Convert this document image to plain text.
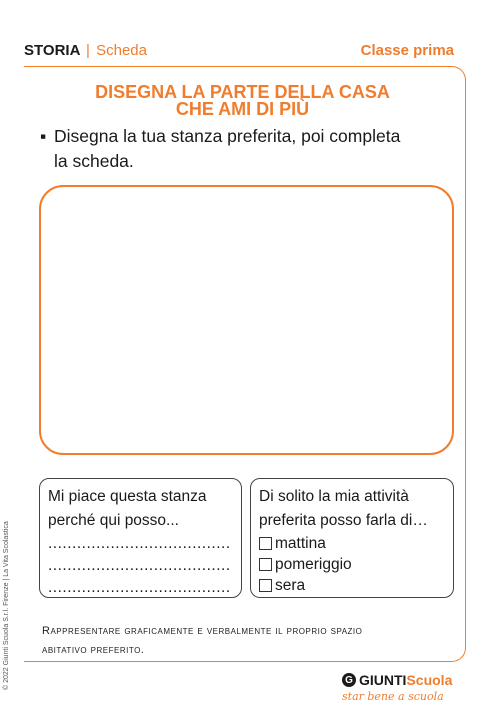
STORIA | Scheda	Classe prima
DISEGNA LA PARTE DELLA CASA
CHE AMI DI PIÙ
▪ Disegna la tua stanza preferita, poi completa
la scheda.
Mi piace questa stanza
perché qui posso...
......................................
......................................
......................................
Di solito la mia attività
preferita posso farla di…
mattina
pomeriggio
sera
Rappresentare graficamente e verbalmente il proprio spazio
abitativo preferito.
© 2022 Giunti Scuola S.r.l. Firenze | La Vita Scolastica	G GIUNTI Scuola
star bene a scuola
